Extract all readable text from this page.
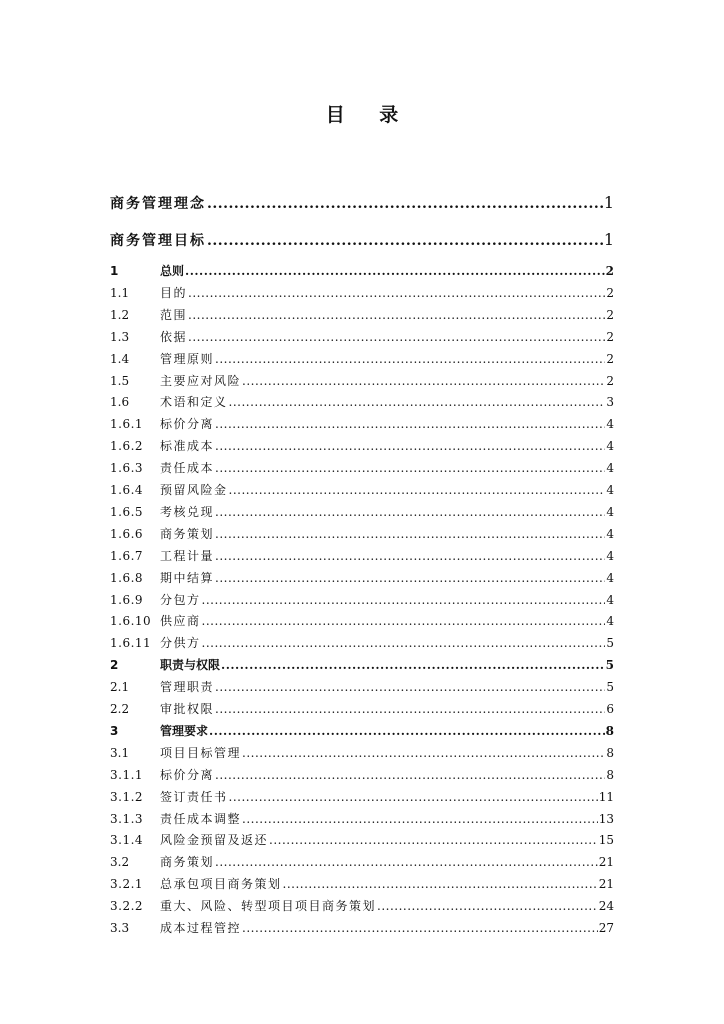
目 录
商务管理理念 .....	1
商务管理目标 .....	1
1	总则 .....	2
1.1	目的 .....	2
1.2	范围 .....	2
1.3	依据 .....	2
1.4	管理原则 .....	2
1.5	主要应对风险 .....	2
1.6	术语和定义 .....	3
1.6.1	标价分离 .....	4
1.6.2	标准成本 .....	4
1.6.3	责任成本 .....	4
1.6.4	预留风险金 .....	4
1.6.5	考核兑现 .....	4
1.6.6	商务策划 .....	4
1.6.7	工程计量 .....	4
1.6.8	期中结算 .....	4
1.6.9	分包方 .....	4
1.6.10 供应商 .....	4
1.6.11 分供方 .....	5
2	职责与权限 .....	5
2.1	管理职责 .....	5
2.2	审批权限 .....	6
3	管理要求 .....	8
3.1	项目目标管理 .....	8
3.1.1	标价分离 .....	8
3.1.2	签订责任书 .....	11
3.1.3	责任成本调整 .....	13
3.1.4	风险金预留及返还 .....	15
3.2	商务策划 .....	21
3.2.1	总承包项目商务策划 .....	21
3.2.2	重大、风险、转型项目项目商务策划 .....	24
3.3	成本过程管控 .....	27
